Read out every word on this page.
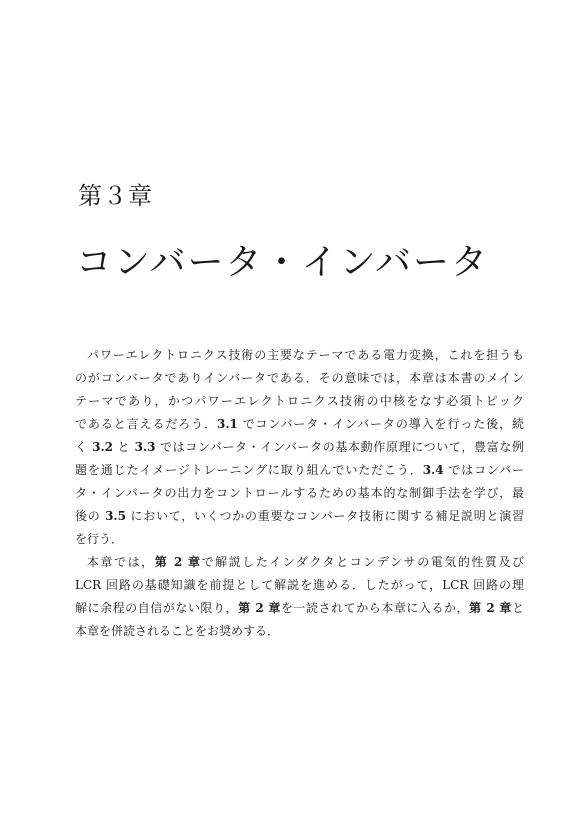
第３章
コンバータ・インバータ
パワーエレクトロニクス技術の主要なテーマである電力変換，これを担うも
のがコンバータでありインバータである．その意味では，本章は本書のメイン
テーマであり，かつパワーエレクトロニクス技術の中核をなす必須トピック
であると言えるだろう．3.1 でコンバータ・インバータの導入を行った後，続
く 3.2 と 3.3 ではコンバータ・インバータの基本動作原理について，豊富な例
題を通じたイメージトレーニングに取り組んでいただこう．3.4 ではコンバー
タ・インバータの出力をコントロールするための基本的な制御手法を学び，最
後の 3.5 において，いくつかの重要なコンバータ技術に関する補足説明と演習
を行う．
本章では，第 2 章で解説したインダクタとコンデンサの電気的性質及び
LCR 回路の基礎知識を前提として解説を進める．したがって，LCR 回路の理
解に余程の自信がない限り，第 2 章を一読されてから本章に入るか，第 2 章と
本章を併読されることをお奨めする．
